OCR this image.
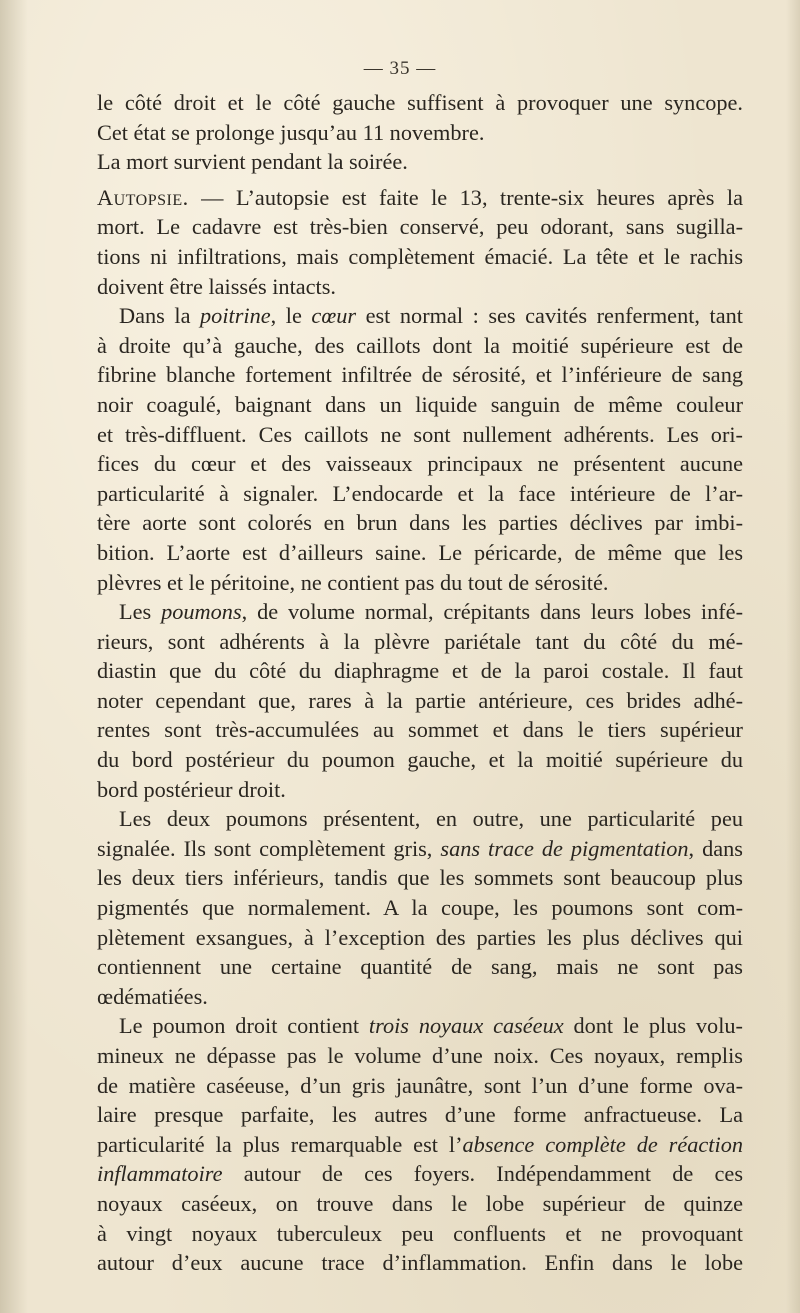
— 35 —
le côté droit et le côté gauche suffisent à provoquer une syncope.
Cet état se prolonge jusqu’au 11 novembre.
La mort survient pendant la soirée.
Autopsie. — L’autopsie est faite le 13, trente-six heures après la
mort. Le cadavre est très-bien conservé, peu odorant, sans sugilla-
tions ni infiltrations, mais complètement émacié. La tête et le rachis
doivent être laissés intacts.
Dans la poitrine, le cœur est normal : ses cavités renferment, tant
à droite qu’à gauche, des caillots dont la moitié supérieure est de
fibrine blanche fortement infiltrée de sérosité, et l’inférieure de sang
noir coagulé, baignant dans un liquide sanguin de même couleur
et très-diffluent. Ces caillots ne sont nullement adhérents. Les ori-
fices du cœur et des vaisseaux principaux ne présentent aucune
particularité à signaler. L’endocarde et la face intérieure de l’ar-
tère aorte sont colorés en brun dans les parties déclives par imbi-
bition. L’aorte est d’ailleurs saine. Le péricarde, de même que les
plèvres et le péritoine, ne contient pas du tout de sérosité.
Les poumons, de volume normal, crépitants dans leurs lobes infé-
rieurs, sont adhérents à la plèvre pariétale tant du côté du mé-
diastin que du côté du diaphragme et de la paroi costale. Il faut
noter cependant que, rares à la partie antérieure, ces brides adhé-
rentes sont très-accumulées au sommet et dans le tiers supérieur
du bord postérieur du poumon gauche, et la moitié supérieure du
bord postérieur droit.
Les deux poumons présentent, en outre, une particularité peu
signalée. Ils sont complètement gris, sans trace de pigmentation, dans
les deux tiers inférieurs, tandis que les sommets sont beaucoup plus
pigmentés que normalement. A la coupe, les poumons sont com-
plètement exsangues, à l’exception des parties les plus déclives qui
contiennent une certaine quantité de sang, mais ne sont pas
œdématiées.
Le poumon droit contient trois noyaux caséeux dont le plus volu-
mineux ne dépasse pas le volume d’une noix. Ces noyaux, remplis
de matière caséeuse, d’un gris jaunâtre, sont l’un d’une forme ova-
laire presque parfaite, les autres d’une forme anfractueuse. La
particularité la plus remarquable est l’absence complète de réaction
inflammatoire autour de ces foyers. Indépendamment de ces
noyaux caséeux, on trouve dans le lobe supérieur de quinze
à vingt noyaux tuberculeux peu confluents et ne provoquant
autour d’eux aucune trace d’inflammation. Enfin dans le lobe
